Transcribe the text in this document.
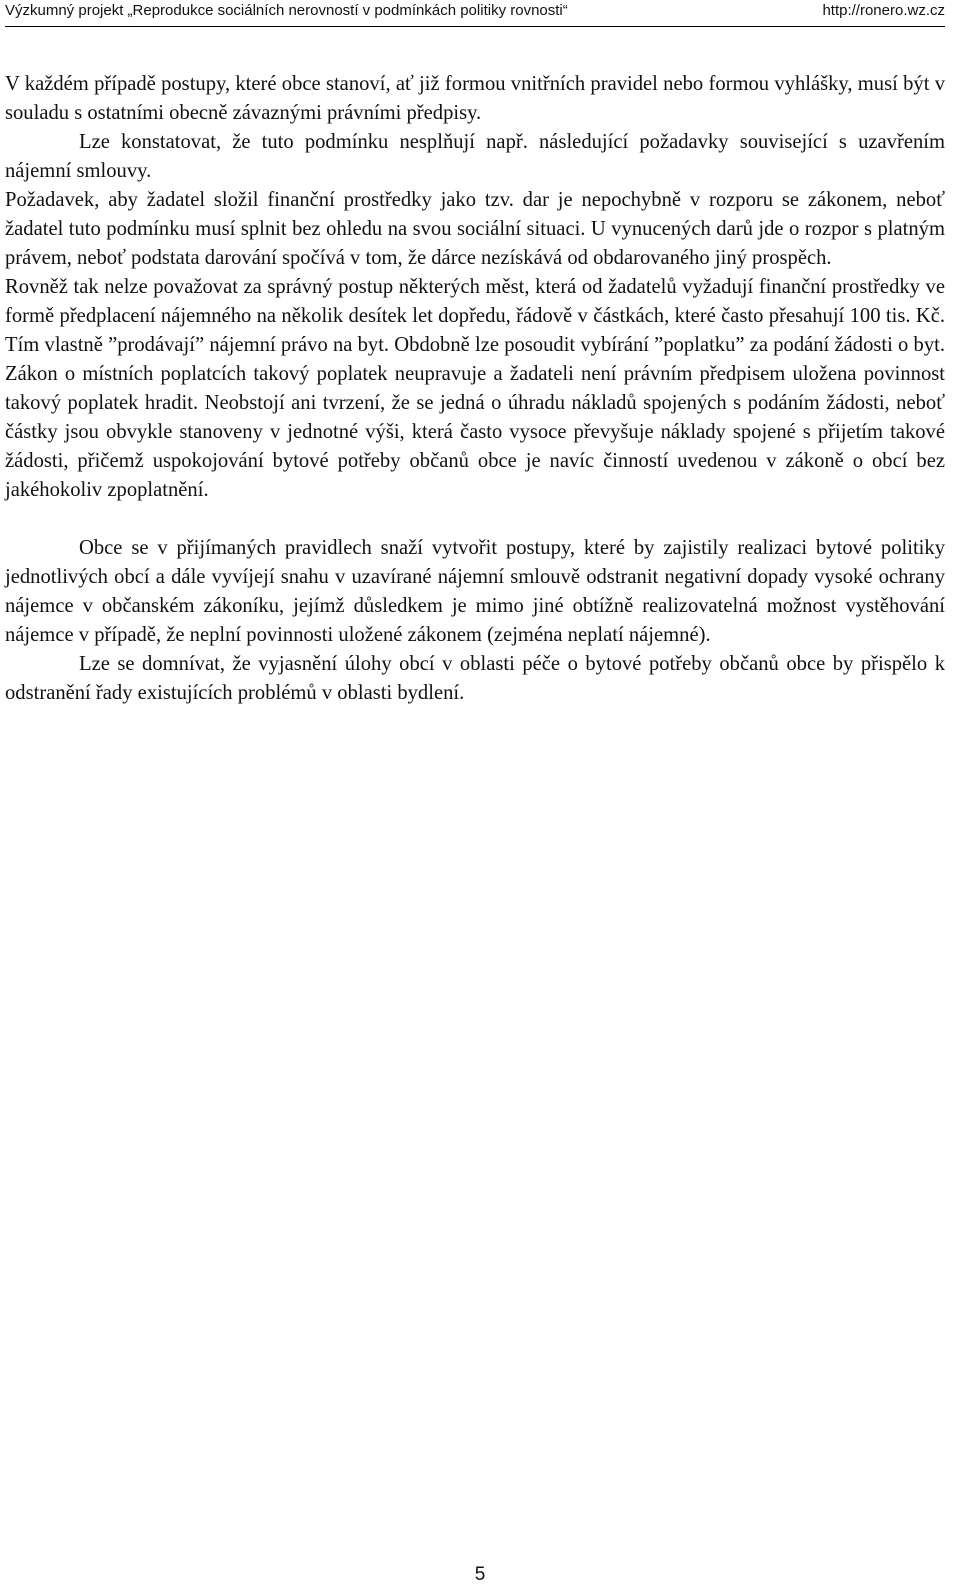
Výzkumný projekt „Reprodukce sociálních nerovností v podmínkách politiky rovnosti“	http://ronero.wz.cz

V každém případě postupy, které obce stanoví, ať již formou vnitřních pravidel nebo formou vyhlášky, musí být v souladu s ostatními obecně závaznými právními předpisy.

Lze konstatovat, že tuto podmínku nesplňují např. následující požadavky související s uzavřením nájemní smlouvy.

Požadavek, aby žadatel složil finanční prostředky jako tzv. dar je nepochybně v rozporu se zákonem, neboť žadatel tuto podmínku musí splnit bez ohledu na svou sociální situaci. U vynucených darů jde o rozpor s platným právem, neboť podstata darování spočívá v tom, že dárce nezískává od obdarovaného jiný prospěch.

Rovněž tak nelze považovat za správný postup některých měst, která od žadatelů vyžadují finanční prostředky ve formě předplacení nájemného na několik desítek let dopředu, řádově v částkách, které často přesahují 100 tis. Kč. Tím vlastně ”prodávají” nájemní právo na byt. Obdobně lze posoudit vybírání ”poplatku” za podání žádosti o byt. Zákon o místních poplatcích takový poplatek neupravuje a žadateli není právním předpisem uložena povinnost takový poplatek hradit. Neobstojí ani tvrzení, že se jedná o úhradu nákladů spojených s podáním žádosti, neboť částky jsou obvykle stanoveny v jednotné výši, která často vysoce převyšuje náklady spojené s přijetím takové žádosti, přičemž uspokojování bytové potřeby občanů obce je navíc činností uvedenou v zákoně o obcí bez jakéhokoliv zpoplatnění.

Obce se v přijímaných pravidlech snaží vytvořit postupy, které by zajistily realizaci bytové politiky jednotlivých obcí a dále vyvíjejí snahu v uzavírané nájemní smlouvě odstranit negativní dopady vysoké ochrany nájemce v občanském zákoníku, jejímž důsledkem je mimo jiné obtížně realizovatelná možnost vystěhování nájemce v případě, že neplní povinnosti uložené zákonem (zejména neplatí nájemné).

Lze se domnívat, že vyjasnění úlohy obcí v oblasti péče o bytové potřeby občanů obce by přispělo k odstranění řady existujících problémů v oblasti bydlení.

5
